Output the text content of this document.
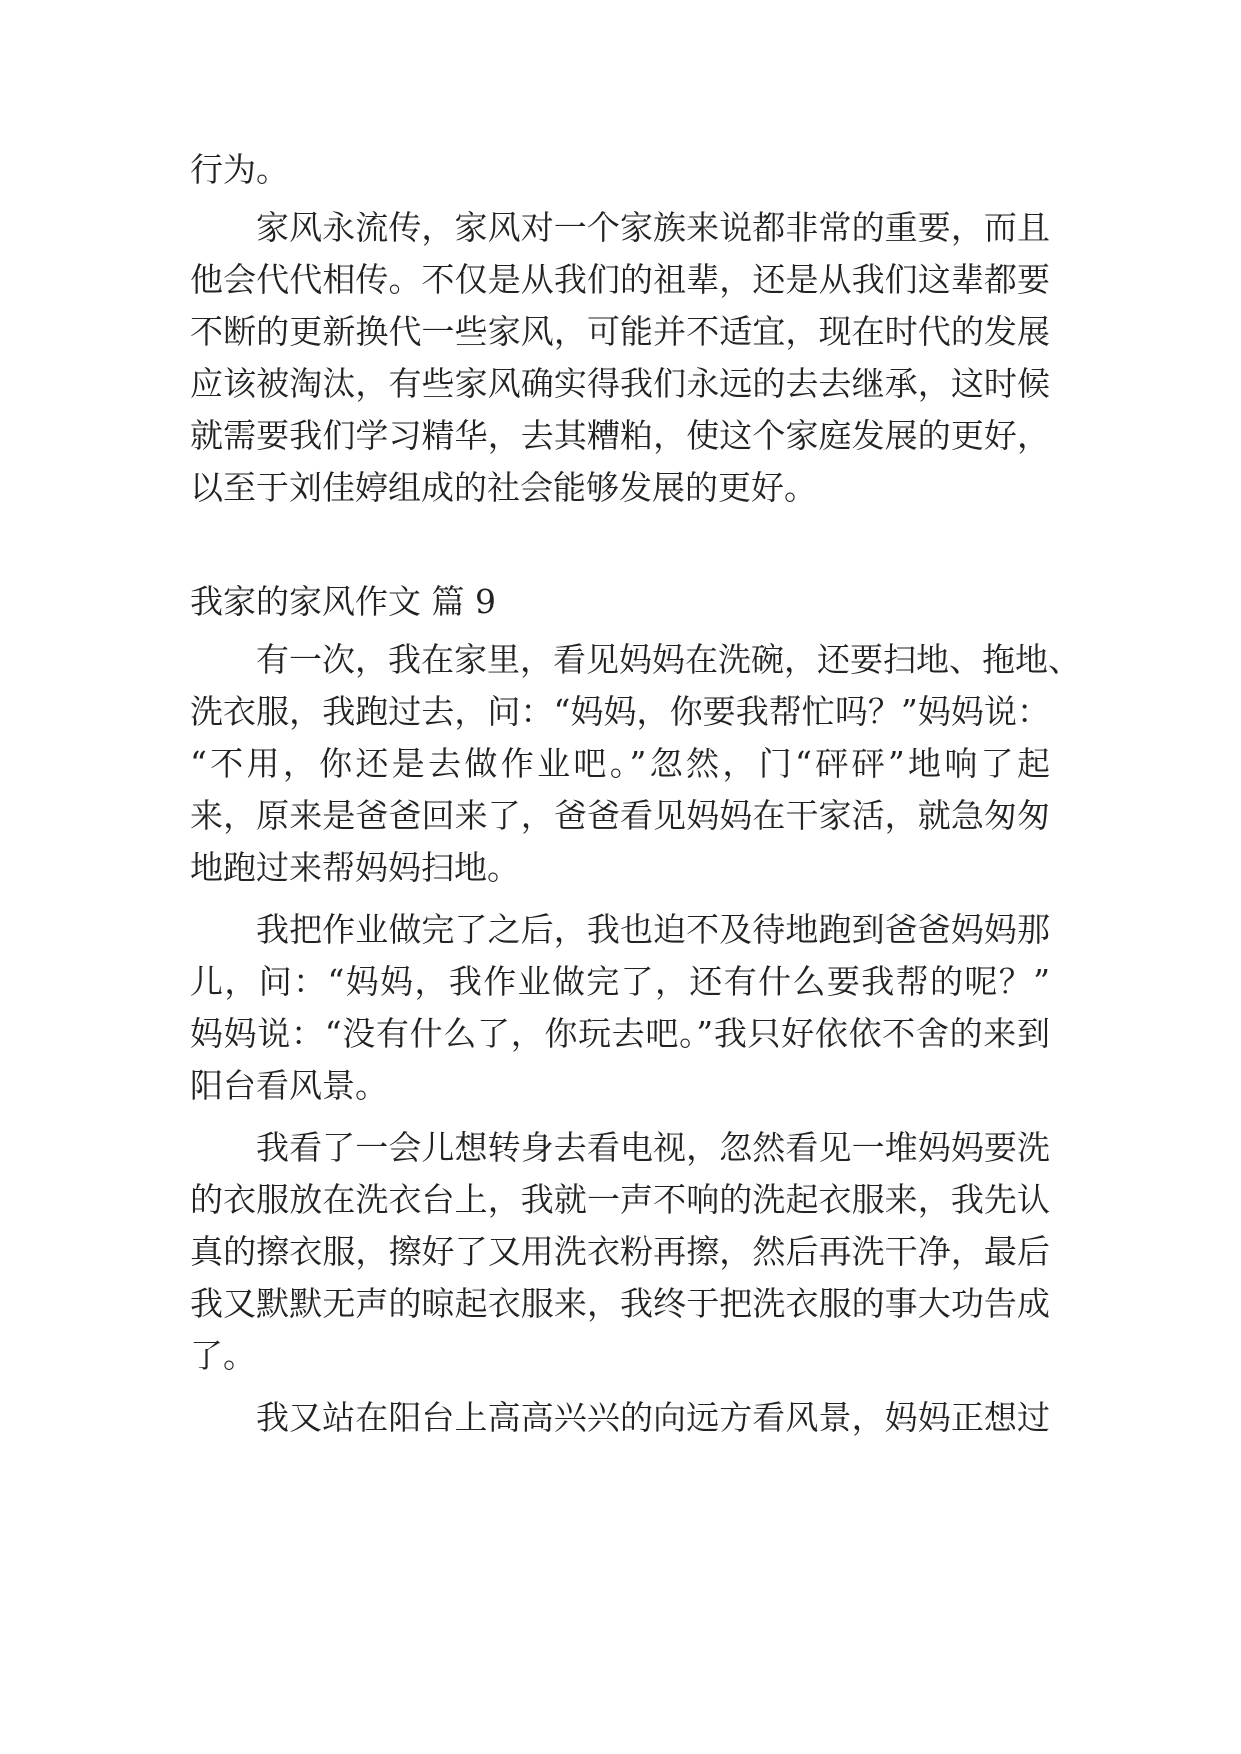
行为。

家风永流传，家风对一个家族来说都非常的重要，而且

他会代代相传。不仅是从我们的祖辈，还是从我们这辈都要

不断的更新换代一些家风，可能并不适宜，现在时代的发展

应该被淘汰，有些家风确实得我们永远的去去继承，这时候

就需要我们学习精华，去其糟粕，使这个家庭发展的更好，

以至于刘佳婷组成的社会能够发展的更好。

我家的家风作文 篇 9

有一次，我在家里，看见妈妈在洗碗，还要扫地、拖地、

洗衣服，我跑过去，问：“妈妈，你要我帮忙吗？”妈妈说：

“不用，你还是去做作业吧。”忽然，门“砰砰”地响了起

来，原来是爸爸回来了，爸爸看见妈妈在干家活，就急匆匆

地跑过来帮妈妈扫地。

我把作业做完了之后，我也迫不及待地跑到爸爸妈妈那

儿，问：“妈妈，我作业做完了，还有什么要我帮的呢？”

妈妈说：“没有什么了，你玩去吧。”我只好依依不舍的来到

阳台看风景。

我看了一会儿想转身去看电视，忽然看见一堆妈妈要洗

的衣服放在洗衣台上，我就一声不响的洗起衣服来，我先认

真的擦衣服，擦好了又用洗衣粉再擦，然后再洗干净，最后

我又默默无声的晾起衣服来，我终于把洗衣服的事大功告成

了。

我又站在阳台上高高兴兴的向远方看风景，妈妈正想过
